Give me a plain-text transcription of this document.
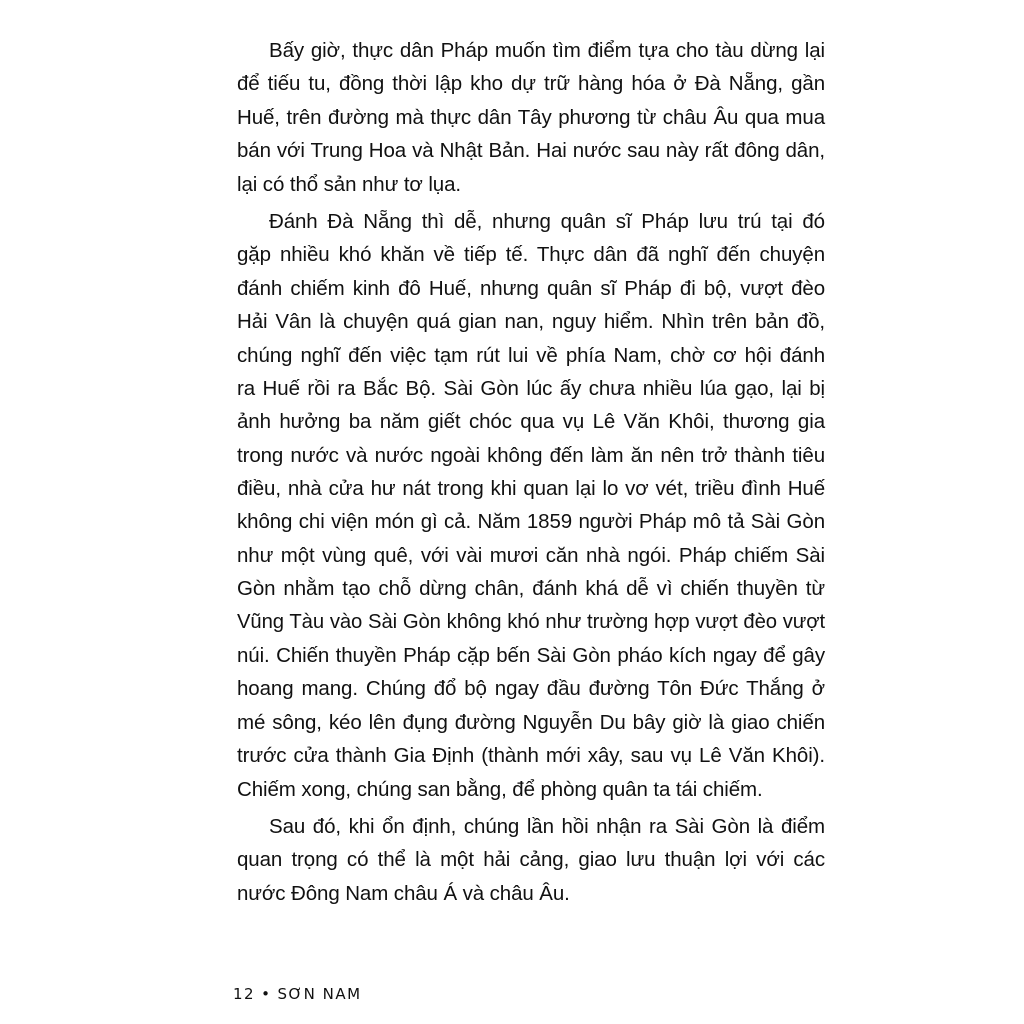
Bấy giờ, thực dân Pháp muốn tìm điểm tựa cho tàu dừng lại
để tiếu tu, đồng thời lập kho dự trữ hàng hóa ở Đà Nẵng, gần
Huế, trên đường mà thực dân Tây phương từ châu Âu qua mua
bán với Trung Hoa và Nhật Bản. Hai nước sau này rất đông dân,
lại có thổ sản như tơ lụa.
Đánh Đà Nẵng thì dễ, nhưng quân sĩ Pháp lưu trú tại đó
gặp nhiều khó khăn về tiếp tế. Thực dân đã nghĩ đến chuyện
đánh chiếm kinh đô Huế, nhưng quân sĩ Pháp đi bộ, vượt đèo
Hải Vân là chuyện quá gian nan, nguy hiểm. Nhìn trên bản đồ,
chúng nghĩ đến việc tạm rút lui về phía Nam, chờ cơ hội đánh
ra Huế rồi ra Bắc Bộ. Sài Gòn lúc ấy chưa nhiều lúa gạo, lại bị
ảnh hưởng ba năm giết chóc qua vụ Lê Văn Khôi, thương gia
trong nước và nước ngoài không đến làm ăn nên trở thành tiêu
điều, nhà cửa hư nát trong khi quan lại lo vơ vét, triều đình Huế
không chi viện món gì cả. Năm 1859 người Pháp mô tả Sài Gòn
như một vùng quê, với vài mươi căn nhà ngói. Pháp chiếm Sài
Gòn nhằm tạo chỗ dừng chân, đánh khá dễ vì chiến thuyền từ
Vũng Tàu vào Sài Gòn không khó như trường hợp vượt đèo vượt
núi. Chiến thuyền Pháp cặp bến Sài Gòn pháo kích ngay để gây
hoang mang. Chúng đổ bộ ngay đầu đường Tôn Đức Thắng ở
mé sông, kéo lên đụng đường Nguyễn Du bây giờ là giao chiến
trước cửa thành Gia Định (thành mới xây, sau vụ Lê Văn Khôi).
Chiếm xong, chúng san bằng, để phòng quân ta tái chiếm.
Sau đó, khi ổn định, chúng lần hồi nhận ra Sài Gòn là điểm
quan trọng có thể là một hải cảng, giao lưu thuận lợi với các
nước Đông Nam châu Á và châu Âu.
12 • SƠN NAM
